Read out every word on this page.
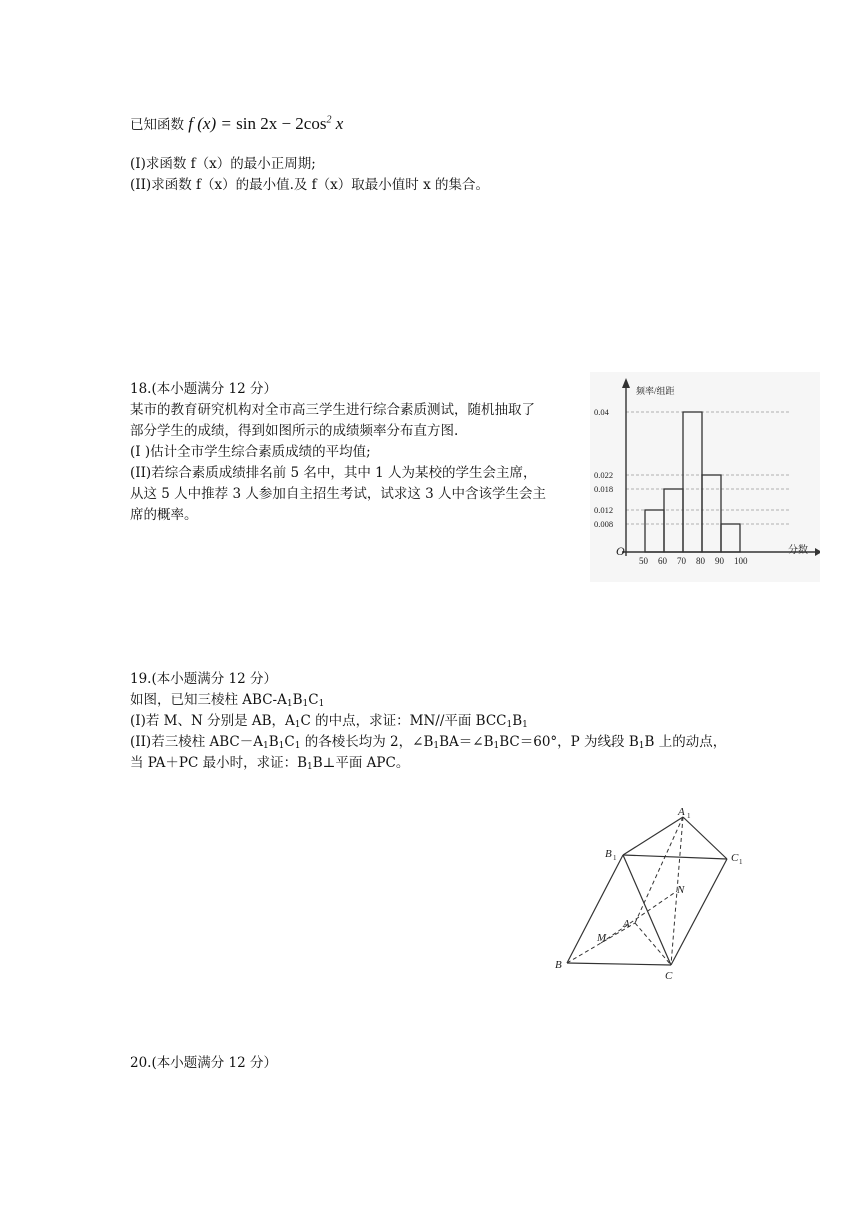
已知函数 f $(x) = \sin 2x - 2\cos^2$ x
(I)求函数 f（x）的最小正周期;
(II)求函数 f（x）的最小值.及 f（x）取最小值时 x 的集合。
18.(本小题满分 12 分）
某市的教育研究机构对全市高三学生进行综合素质测试，随机抽取了
部分学生的成绩，得到如图所示的成绩频率分布直方图.
(I )估计全市学生综合素质成绩的平均值;
(II)若综合素质成绩排名前 5 名中，其中 1 人为某校的学生会主席，
从这 5 人中推荐 3 人参加自主招生考试，试求这 3 人中含该学生会主
席的概率。
频率/组距
分数
O
0.04
0.022
0.018
0.012
0.008
50 60 70 80 90 100
19.(本小题满分 12 分）
如图，已知三棱柱 ABC-$A_1B_1C_1$
(I)若 M、N 分别是 AB，$A_1C$ 的中点，求证：MN//平面 $BCC_1B_1$
(II)若三棱柱 $ABC-A_1B_1C_1$ 的各棱长均为 2，$\angle B_1BA=\angle B_1BC=60^\circ$，P 为线段 $B_1B$ 上的动点，
当 PA＋PC 最小时，求证：$B_1B\perp$平面 APC。
A 1
B 1	C 1
N
A
M
B
C
20.(本小题满分 12 分）
